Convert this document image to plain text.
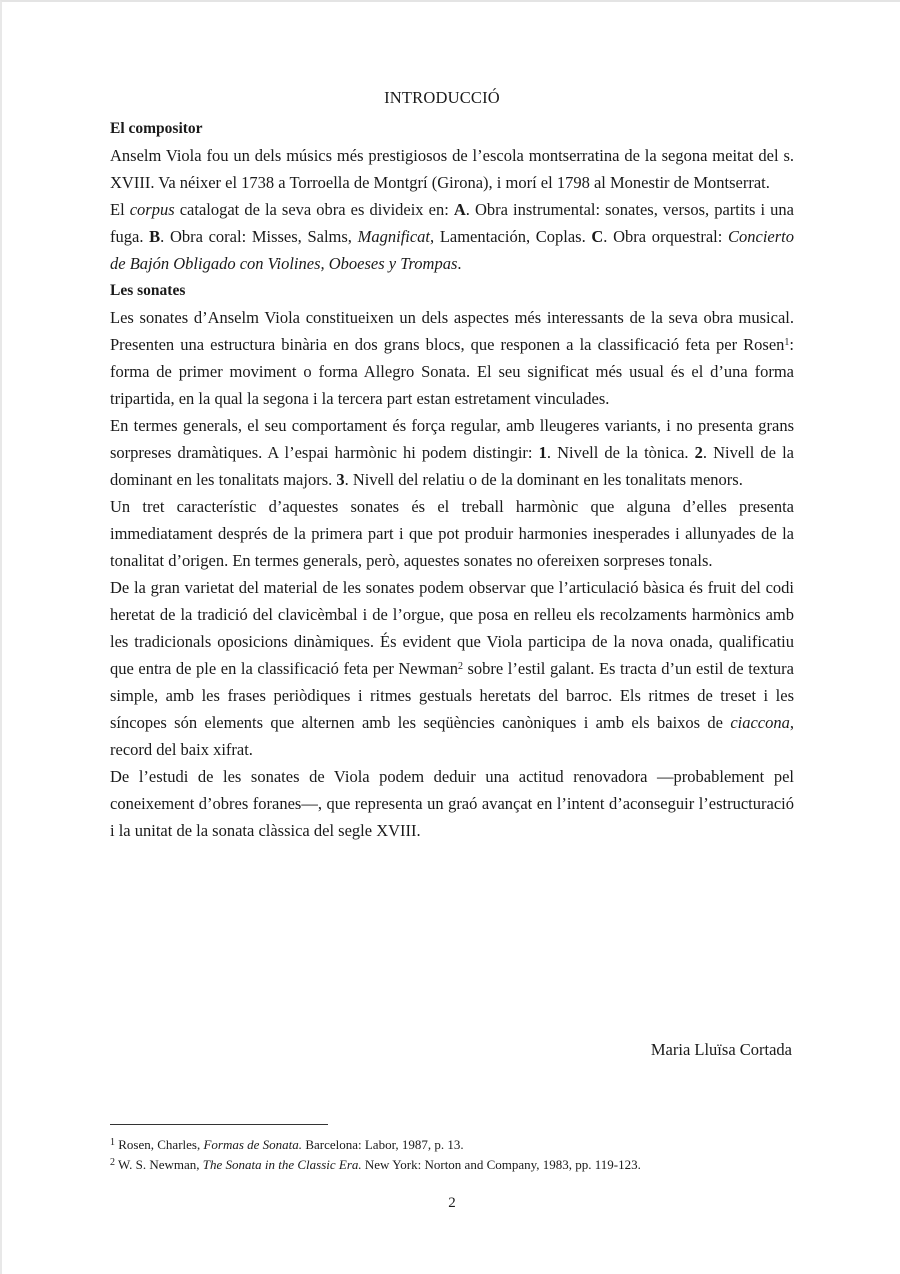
INTRODUCCIÓ
El compositor

Anselm Viola fou un dels músics més prestigiosos de l’escola montserratina de la segona meitat del s. XVIII. Va néixer el 1738 a Torroella de Montgrí (Girona), i morí el 1798 al Monestir de Montserrat.

El corpus catalogat de la seva obra es divideix en: A. Obra instrumental: sonates, versos, partits i una fuga. B. Obra coral: Misses, Salms, Magnificat, Lamentación, Coplas. C. Obra orquestral: Concierto de Bajón Obligado con Violines, Oboeses y Trompas.

Les sonates

Les sonates d’Anselm Viola constitueixen un dels aspectes més interessants de la seva obra musical. Presenten una estructura binària en dos grans blocs, que responen a la classificació feta per Rosen$^1$: forma de primer moviment o forma Allegro Sonata. El seu significat més usual és el d’una forma tripartida, en la qual la segona i la tercera part estan estretament vinculades.

En termes generals, el seu comportament és força regular, amb lleugeres variants, i no presenta grans sorpreses dramàtiques. A l’espai harmònic hi podem distingir: 1. Nivell de la tònica. 2. Nivell de la dominant en les tonalitats majors. 3. Nivell del relatiu o de la dominant en les tonalitats menors.

Un tret característic d’aquestes sonates és el treball harmònic que alguna d’elles presenta immediatament després de la primera part i que pot produir harmonies inesperades i allunyades de la tonalitat d’origen. En termes generals, però, aquestes sonates no ofereixen sorpreses tonals.

De la gran varietat del material de les sonates podem observar que l’articulació bàsica és fruit del codi heretat de la tradició del clavicèmbal i de l’orgue, que posa en relleu els recolzaments harmònics amb les tradicionals oposicions dinàmiques. És evident que Viola participa de la nova onada, qualificatiu que entra de ple en la classificació feta per Newman$^2$ sobre l’estil galant. Es tracta d’un estil de textura simple, amb les frases periòdiques i ritmes gestuals heretats del barroc. Els ritmes de treset i les síncopes són elements que alternen amb les seqüències canòniques i amb els baixos de ciaccona, record del baix xifrat.

De l’estudi de les sonates de Viola podem deduir una actitud renovadora —probablement pel coneixement d’obres foranes—, que representa un graó avançat en l’intent d’aconseguir l’estructuració i la unitat de la sonata clàssica del segle XVIII.

Maria Lluïsa Cortada

$^1$ Rosen, Charles, Formas de Sonata. Barcelona: Labor, 1987, p. 13.

$^2$ W. S. Newman, The Sonata in the Classic Era. New York: Norton and Company, 1983, pp. 119-123.

2
